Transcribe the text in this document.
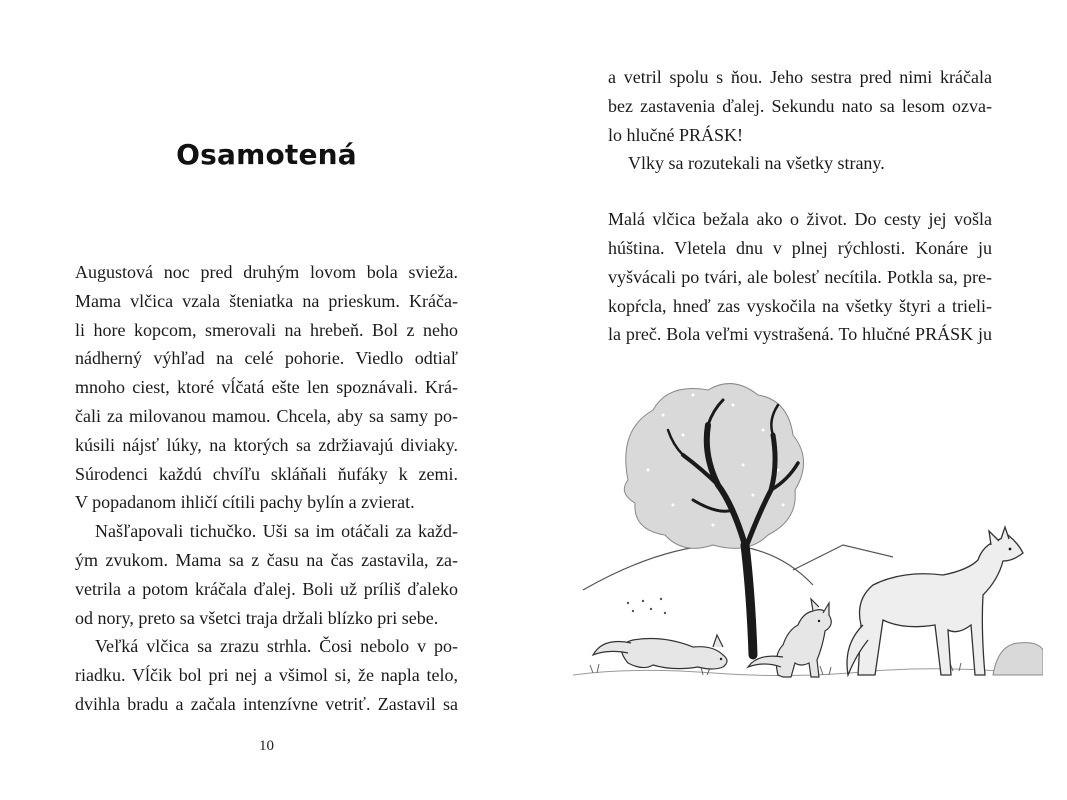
Osamotená
Augustová noc pred druhým lovom bola svieža.
Mama vlčica vzala šteniatka na prieskum. Kráča-
li hore kopcom, smerovali na hrebeň. Bol z neho
nádherný výhľad na celé pohorie. Viedlo odtiaľ
mnoho ciest, ktoré vĺčatá ešte len spoznávali. Krá-
čali za milovanou mamou. Chcela, aby sa samy po-
kúsili nájsť lúky, na ktorých sa zdržiavajú diviaky.
Súrodenci každú chvíľu skláňali ňufáky k zemi.
V popadanom ihličí cítili pachy bylín a zvierat.
Našľapovali tichučko. Uši sa im otáčali za každ-
ým zvukom. Mama sa z času na čas zastavila, za-
vetrila a potom kráčala ďalej. Boli už príliš ďaleko
od nory, preto sa všetci traja držali blízko pri sebe.
Veľká vlčica sa zrazu strhla. Čosi nebolo v po-
riadku. Vĺčik bol pri nej a všimol si, že napla telo,
dvihla bradu a začala intenzívne vetriť. Zastavil sa
10
a vetril spolu s ňou. Jeho sestra pred nimi kráčala
bez zastavenia ďalej. Sekundu nato sa lesom ozva-
lo hlučné PRÁSK!
Vlky sa rozutekali na všetky strany.
Malá vlčica bežala ako o život. Do cesty jej vošla
húština. Vletela dnu v plnej rýchlosti. Konáre ju
vyšvácali po tvári, ale bolesť necítila. Potkla sa, pre-
kopŕcla, hneď zas vyskočila na všetky štyri a trieli-
la preč. Bola veľmi vystrašená. To hlučné PRÁSK ju
